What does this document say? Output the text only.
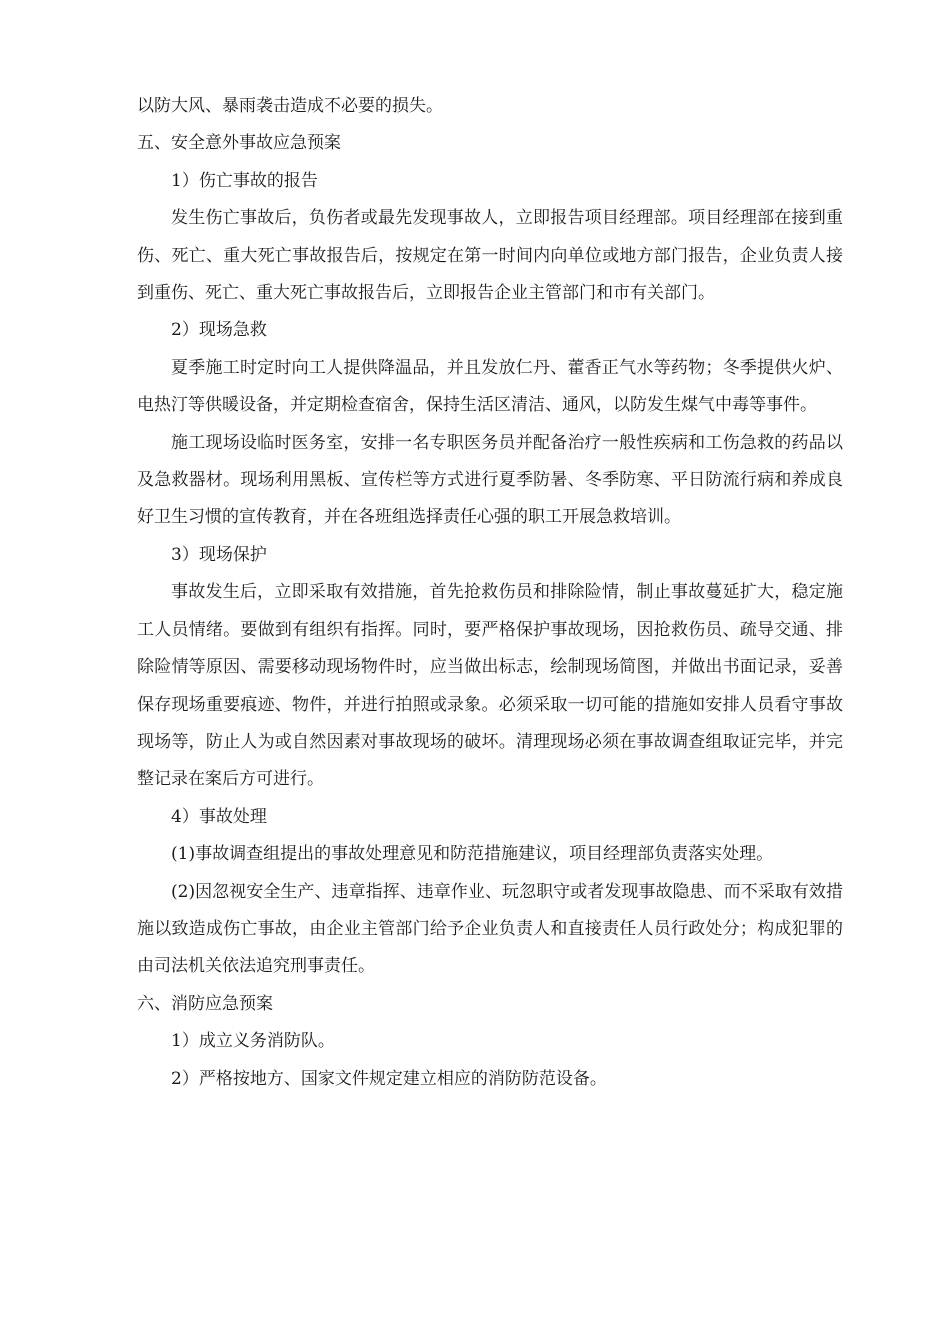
以防大风、暴雨袭击造成不必要的损失。

五、安全意外事故应急预案

1）伤亡事故的报告

发生伤亡事故后，负伤者或最先发现事故人，立即报告项目经理部。项目经理部在接到重伤、死亡、重大死亡事故报告后，按规定在第一时间内向单位或地方部门报告，企业负责人接到重伤、死亡、重大死亡事故报告后，立即报告企业主管部门和市有关部门。

2）现场急救

夏季施工时定时向工人提供降温品，并且发放仁丹、藿香正气水等药物；冬季提供火炉、电热汀等供暖设备，并定期检查宿舍，保持生活区清洁、通风，以防发生煤气中毒等事件。

施工现场设临时医务室，安排一名专职医务员并配备治疗一般性疾病和工伤急救的药品以及急救器材。现场利用黑板、宣传栏等方式进行夏季防暑、冬季防寒、平日防流行病和养成良好卫生习惯的宣传教育，并在各班组选择责任心强的职工开展急救培训。

3）现场保护

事故发生后，立即采取有效措施，首先抢救伤员和排除险情，制止事故蔓延扩大，稳定施工人员情绪。要做到有组织有指挥。同时，要严格保护事故现场，因抢救伤员、疏导交通、排除险情等原因、需要移动现场物件时，应当做出标志，绘制现场简图，并做出书面记录，妥善保存现场重要痕迹、物件，并进行拍照或录象。必须采取一切可能的措施如安排人员看守事故现场等，防止人为或自然因素对事故现场的破坏。清理现场必须在事故调查组取证完毕，并完整记录在案后方可进行。

4）事故处理

(1)事故调查组提出的事故处理意见和防范措施建议，项目经理部负责落实处理。

(2)因忽视安全生产、违章指挥、违章作业、玩忽职守或者发现事故隐患、而不采取有效措施以致造成伤亡事故，由企业主管部门给予企业负责人和直接责任人员行政处分；构成犯罪的由司法机关依法追究刑事责任。

六、消防应急预案

1）成立义务消防队。

2）严格按地方、国家文件规定建立相应的消防防范设备。
